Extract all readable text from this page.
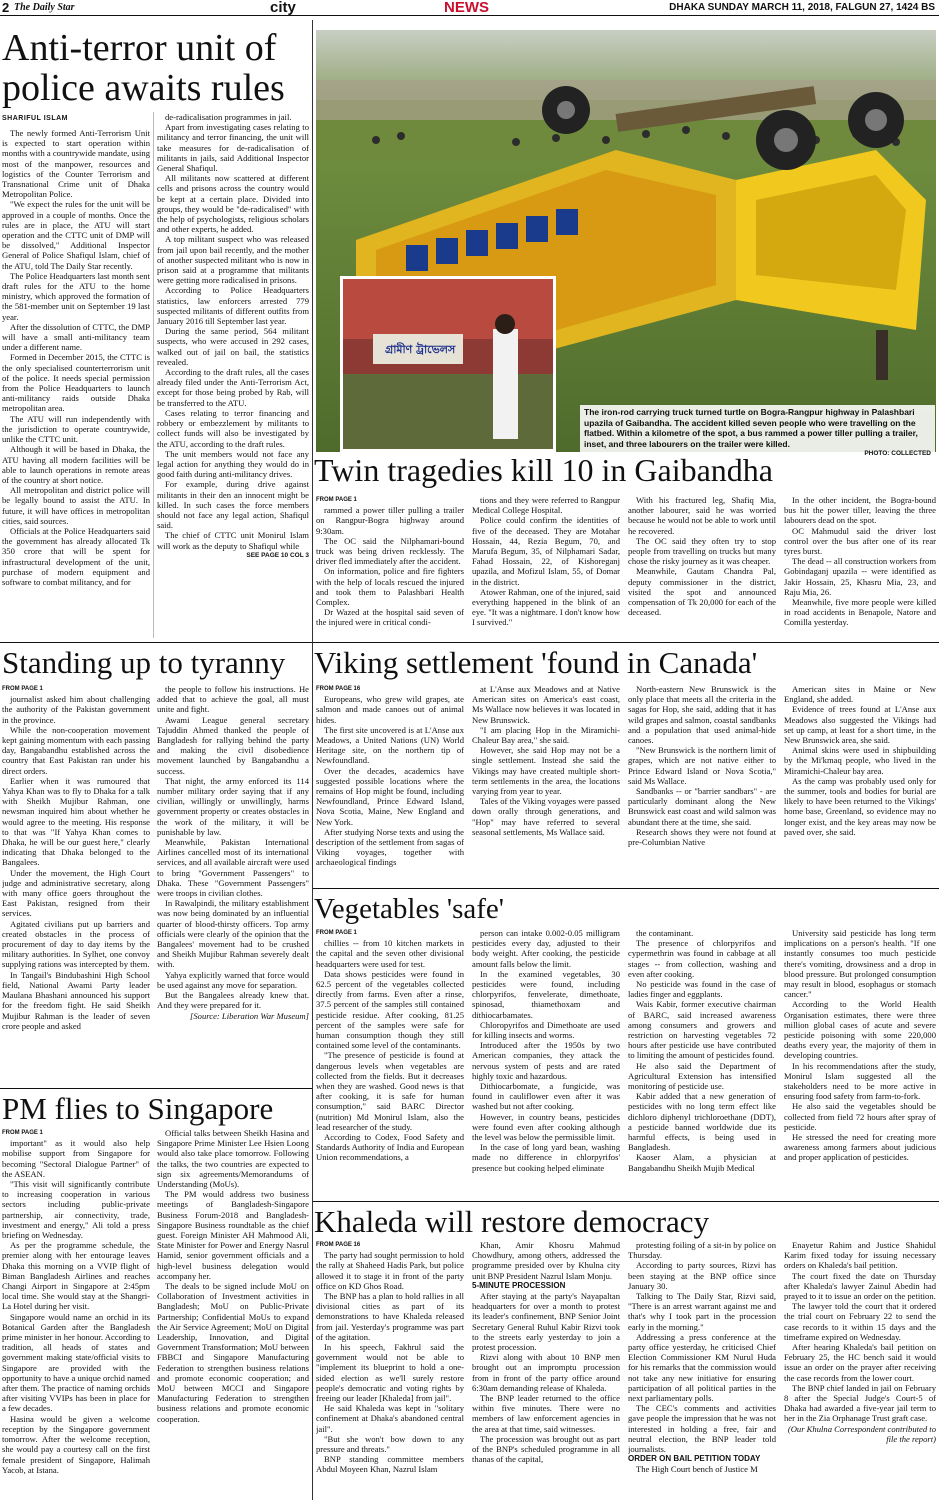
2 The Daily Star	city	NEWS	DHAKA SUNDAY MARCH 11, 2018, FALGUN 27, 1424 BS
Anti-terror unit of police awaits rules
SHARIFUL ISLAM

The newly formed Anti-Terrorism Unit is expected to start operation within months with a countrywide mandate, using most of the manpower, resources and logistics of the Counter Terrorism and Transnational Crime unit of Dhaka Metropolitan Police.

"We expect the rules for the unit will be approved in a couple of months. Once the rules are in place, the ATU will start operation and the CTTC unit of DMP will be dissolved," Additional Inspector General of Police Shafiqul Islam, chief of the ATU, told The Daily Star recently.

The Police Headquarters last month sent draft rules for the ATU to the home ministry, which approved the formation of the 581-member unit on September 19 last year.

After the dissolution of CTTC, the DMP will have a small anti-militancy team under a different name.

Formed in December 2015, the CTTC is the only specialised counterterrorism unit of the police. It needs special permission from the Police Headquarters to launch anti-militancy raids outside Dhaka metropolitan area.

The ATU will run independently with the jurisdiction to operate countrywide, unlike the CTTC unit.

Although it will be based in Dhaka, the ATU having all modern facilities will be able to launch operations in remote areas of the country at short notice.

All metropolitan and district police will be legally bound to assist the ATU. In future, it will have offices in metropolitan cities, said sources.

Officials at the Police Headquarters said the government has already allocated Tk 350 crore that will be spent for infrastructural development of the unit, purchase of modern equipment and software to combat militancy, and for

de-radicalisation programmes in jail.

Apart from investigating cases relating to militancy and terror financing, the unit will take measures for de-radicalisation of militants in jails, said Additional Inspector General Shafiqul.

All militants now scattered at different cells and prisons across the country would be kept at a certain place. Divided into groups, they would be "de-radicalised" with the help of psychologists, religious scholars and other experts, he added.

A top militant suspect who was released from jail upon bail recently, and the mother of another suspected militant who is now in prison said at a programme that militants were getting more radicalised in prisons.

According to Police Headquarters statistics, law enforcers arrested 779 suspected militants of different outfits from January 2016 till September last year.

During the same period, 564 militant suspects, who were accused in 292 cases, walked out of jail on bail, the statistics revealed.

According to the draft rules, all the cases already filed under the Anti-Terrorism Act, except for those being probed by Rab, will be transferred to the ATU.

Cases relating to terror financing and robbery or embezzlement by militants to collect funds will also be investigated by the ATU, according to the draft rules.

The unit members would not face any legal action for anything they would do in good faith during anti-militancy drives.

For example, during drive against militants in their den an innocent might be killed. In such cases the force members should not face any legal action, Shafiqul said.

The chief of CTTC unit Monirul Islam will work as the deputy to Shafiqul while

SEE PAGE 10 COL 3

গ্রামীণ ট্রাভেলস
The iron-rod carrying truck turned turtle on Bogra-Rangpur highway in Palashbari upazila of Gaibandha. The accident killed seven people who were travelling on the flatbed. Within a kilometre of the spot, a bus rammed a power tiller pulling a trailer, inset, and three labourers on the trailer were killed.
PHOTO: COLLECTED
Twin tragedies kill 10 in Gaibandha

FROM PAGE 1

rammed a power tiller pulling a trailer on Rangpur-Bogra highway around 9:30am.

The OC said the Nilphamari-bound truck was being driven recklessly. The driver fled immediately after the accident.

On information, police and fire fighters with the help of locals rescued the injured and took them to Palashbari Health Complex.

Dr Wazed at the hospital said seven of the injured were in critical condi-

tions and they were referred to Rangpur Medical College Hospital.

Police could confirm the identities of five of the deceased. They are Motahar Hossain, 44, Rezia Begum, 70, and Marufa Begum, 35, of Nilphamari Sadar, Fahad Hossain, 22, of Kishoreganj upazila, and Mofizul Islam, 55, of Domar in the district.

Atower Rahman, one of the injured, said everything happened in the blink of an eye. "It was a nightmare. I don't know how I survived."

With his fractured leg, Shafiq Mia, another labourer, said he was worried because he would not be able to work until he recovered.

The OC said they often try to stop people from travelling on trucks but many chose the risky journey as it was cheaper.

Meanwhile, Gautam Chandra Pal, deputy commissioner in the district, visited the spot and announced compensation of Tk 20,000 for each of the deceased.

In the other incident, the Bogra-bound bus hit the power tiller, leaving the three labourers dead on the spot.

OC Mahmudul said the driver lost control over the bus after one of its rear tyres burst.

The dead -- all construction workers from Gobindaganj upazila -- were identified as Jakir Hossain, 25, Khasru Mia, 23, and Raju Mia, 26.

Meanwhile, five more people were killed in road accidents in Benapole, Natore and Comilla yesterday.

Standing up to tyranny

FROM PAGE 1

journalist asked him about challenging the authority of the Pakistan government in the province.

While the non-cooperation movement kept gaining momentum with each passing day, Bangabandhu established across the country that East Pakistan ran under his direct orders.

Earlier when it was rumoured that Yahya Khan was to fly to Dhaka for a talk with Sheikh Mujibur Rahman, one newsman inquired him about whether he would agree to the meeting. His response to that was "If Yahya Khan comes to Dhaka, he will be our guest here," clearly indicating that Dhaka belonged to the Bangalees.

Under the movement, the High Court judge and administrative secretary, along with many office goers throughout the East Pakistan, resigned from their services.

Agitated civilians put up barriers and created obstacles in the process of procurement of day to day items by the military authorities. In Sylhet, one convoy supplying rations was intercepted by them.

In Tangail's Bindubashini High School field, National Awami Party leader Maulana Bhashani announced his support for the freedom fight. He said Sheikh Mujibur Rahman is the leader of seven crore people and asked

the people to follow his instructions. He added that to achieve the goal, all must unite and fight.

Awami League general secretary Tajuddin Ahmed thanked the people of Bangladesh for rallying behind the party and making the civil disobedience movement launched by Bangabandhu a success.

That night, the army enforced its 114 number military order saying that if any civilian, willingly or unwillingly, harms government property or creates obstacles in the work of the military, it will be punishable by law.

Meanwhile, Pakistan International Airlines cancelled most of its international services, and all available aircraft were used to bring "Government Passengers" to Dhaka. These "Government Passengers" were troops in civilian clothes.

In Rawalpindi, the military establishment was now being dominated by an influential quarter of blood-thirsty officers. Top army officials were clearly of the opinion that the Bangalees' movement had to be crushed and Sheikh Mujibur Rahman severely dealt with.

Yahya explicitly warned that force would be used against any move for separation.

But the Bangalees already knew that. And they were prepared for it.

[Source: Liberation War Museum]

Viking settlement 'found in Canada'

FROM PAGE 16

Europeans, who grew wild grapes, ate salmon and made canoes out of animal hides.

The first site uncovered is at L'Anse aux Meadows, a United Nations (UN) World Heritage site, on the northern tip of Newfoundland.

Over the decades, academics have suggested possible locations where the remains of Hop might be found, including Newfoundland, Prince Edward Island, Nova Scotia, Maine, New England and New York.

After studying Norse texts and using the description of the settlement from sagas of Viking voyages, together with archaeological findings

at L'Anse aux Meadows and at Native American sites on America's east coast, Ms Wallace now believes it was located in New Brunswick.

"I am placing Hop in the Miramichi-Chaleur Bay area," she said.

However, she said Hop may not be a single settlement. Instead she said the Vikings may have created multiple short-term settlements in the area, the locations varying from year to year.

Tales of the Viking voyages were passed down orally through generations, and "Hop" may have referred to several seasonal settlements, Ms Wallace said.

North-eastern New Brunswick is the only place that meets all the criteria in the sagas for Hop, she said, adding that it has wild grapes and salmon, coastal sandbanks and a population that used animal-hide canoes.

"New Brunswick is the northern limit of grapes, which are not native either to Prince Edward Island or Nova Scotia," said Ms Wallace.

Sandbanks -- or "barrier sandbars" - are particularly dominant along the New Brunswick east coast and wild salmon was abundant there at the time, she said.

Research shows they were not found at pre-Columbian Native

American sites in Maine or New England, she added.

Evidence of trees found at L'Anse aux Meadows also suggested the Vikings had set up camp, at least for a short time, in the New Brunswick area, she said.

Animal skins were used in shipbuilding by the Mi'kmaq people, who lived in the Miramichi-Chaleur bay area.

As the camp was probably used only for the summer, tools and bodies for burial are likely to have been returned to the Vikings' home base, Greenland, so evidence may no longer exist, and the key areas may now be paved over, she said.

Vegetables 'safe'

FROM PAGE 1

chillies -- from 10 kitchen markets in the capital and the seven other divisional headquarters were used for test.

Data shows pesticides were found in 62.5 percent of the vegetables collected directly from farms. Even after a rinse, 37.5 percent of the samples still contained pesticide residue. After cooking, 81.25 percent of the samples were safe for human consumption though they still contained some level of the contaminants.

"The presence of pesticide is found at dangerous levels when vegetables are collected from the fields. But it decreases when they are washed. Good news is that after cooking, it is safe for human consumption," said BARC Director (nutrition) Md Monirul Islam, also the lead researcher of the study.

According to Codex, Food Safety and Standards Authority of India and European Union recommendations, a

person can intake 0.002-0.05 milligram pesticides every day, adjusted to their body weight. After cooking, the pesticide amount falls below the limit.

In the examined vegetables, 30 pesticides were found, including chlorpyrifos, fenvelerate, dimethoate, spinosad, thiamethoxam and dithiocarbamates.

Chloropyrifos and Dimethoate are used for killing insects and worms.

Introduced after the 1950s by two American companies, they attack the nervous system of pests and are rated highly toxic and hazardous.

Dithiocarbomate, a fungicide, was found in cauliflower even after it was washed but not after cooking.

However, in country beans, pesticides were found even after cooking although the level was below the permissible limit.

In the case of long yard bean, washing made no difference in chlorpyrifos' presence but cooking helped eliminate

the contaminant.

The presence of chlorpyrifos and cypermethrin was found in cabbage at all stages -- from collection, washing and even after cooking.

No pesticide was found in the case of ladies finger and eggplants.

Wais Kabir, former executive chairman of BARC, said increased awareness among consumers and growers and restriction on harvesting vegetables 72 hours after pesticide use have contributed to limiting the amount of pesticides found.

He also said the Department of Agricultural Extension has intensified monitoring of pesticide use.

Kabir added that a new generation of pesticides with no long term effect like dichloro diphenyl trichloroethane (DDT), a pesticide banned worldwide due its harmful effects, is being used in Bangladesh.

Kaoser Alam, a physician at Bangabandhu Sheikh Mujib Medical

University said pesticide has long term implications on a person's health. "If one instantly consumes too much pesticide there's vomiting, drowsiness and a drop in blood pressure. But prolonged consumption may result in blood, esophagus or stomach cancer."

According to the World Health Organisation estimates, there were three million global cases of acute and severe pesticide poisoning with some 220,000 deaths every year, the majority of them in developing countries.

In his recommendations after the study, Monirul Islam suggested all the stakeholders need to be more active in ensuring food safety from farm-to-fork.

He also said the vegetables should be collected from field 72 hours after spray of pesticide.

He stressed the need for creating more awareness among farmers about judicious and proper application of pesticides.

PM flies to Singapore

FROM PAGE 1

important" as it would also help mobilise support from Singapore for becoming "Sectoral Dialogue Partner" of the ASEAN.

"This visit will significantly contribute to increasing cooperation in various sectors including public-private partnership, air connectivity, trade, investment and energy," Ali told a press briefing on Wednesday.

As per the programme schedule, the premier along with her entourage leaves Dhaka this morning on a VVIP flight of Biman Bangladesh Airlines and reaches Changi Airport in Singapore at 2:45pm local time. She would stay at the Shangri-La Hotel during her visit.

Singapore would name an orchid in its Botanical Garden after the Bangladesh prime minister in her honour. According to tradition, all heads of states and government making state/official visits to Singapore are provided with the opportunity to have a unique orchid named after them. The practice of naming orchids after visiting VVIPs has been in place for a few decades.

Hasina would be given a welcome reception by the Singapore government tomorrow. After the welcome reception, she would pay a courtesy call on the first female president of Singapore, Halimah Yacob, at Istana.

Official talks between Sheikh Hasina and Singapore Prime Minister Lee Hsien Loong would also take place tomorrow. Following the talks, the two countries are expected to sign six agreements/Memorandums of Understanding (MoUs).

The PM would address two business meetings of Bangladesh-Singapore Business Forum-2018 and Bangladesh-Singapore Business roundtable as the chief guest. Foreign Minister AH Mahmood Ali, State Minister for Power and Energy Nasrul Hamid, senior government officials and a high-level business delegation would accompany her.

The deals to be signed include MoU on Collaboration of Investment activities in Bangladesh; MoU on Public-Private Partnership; Confidential MoUs to expand the Air Service Agreement; MoU on Digital Leadership, Innovation, and Digital Government Transformation; MoU between FBBCI and Singapore Manufacturing Federation to strengthen business relations and promote economic cooperation; and MoU between MCCI and Singapore Manufacturing Federation to strengthen business relations and promote economic cooperation.

Khaleda will restore democracy

FROM PAGE 16

The party had sought permission to hold the rally at Shaheed Hadis Park, but police allowed it to stage it in front of the party office on KD Ghos Road.

The BNP has a plan to hold rallies in all divisional cities as part of its demonstrations to have Khaleda released from jail. Yesterday's programme was part of the agitation.

In his speech, Fakhrul said the government would not be able to "implement its blueprint to hold a one-sided election as we'll surely restore people's democratic and voting rights by freeing our leader [Khaleda] from jail".

He said Khaleda was kept in "solitary confinement at Dhaka's abandoned central jail".

"But she won't bow down to any pressure and threats."

BNP standing committee members Abdul Moyeen Khan, Nazrul Islam

Khan, Amir Khosru Mahmud Chowdhury, among others, addressed the programme presided over by Khulna city unit BNP President Nazrul Islam Monju.

5-MINUTE PROCESSION

After staying at the party's Nayapaltan headquarters for over a month to protest its leader's confinement, BNP Senior Joint Secretary General Ruhul Kabir Rizvi took to the streets early yesterday to join a protest procession.

Rizvi along with about 10 BNP men brought out an impromptu procession from in front of the party office around 6:30am demanding release of Khaleda.

The BNP leader returned to the office within five minutes. There were no members of law enforcement agencies in the area at that time, said witnesses.

The procession was brought out as part of the BNP's scheduled programme in all thanas of the capital,

protesting foiling of a sit-in by police on Thursday.

According to party sources, Rizvi has been staying at the BNP office since January 30.

Talking to The Daily Star, Rizvi said, "There is an arrest warrant against me and that's why I took part in the procession early in the morning."

Addressing a press conference at the party office yesterday, he criticised Chief Election Commissioner KM Nurul Huda for his remarks that the commission would not take any new initiative for ensuring participation of all political parties in the next parliamentary polls.

The CEC's comments and activities gave people the impression that he was not interested in holding a free, fair and neutral election, the BNP leader told journalists.

ORDER ON BAIL PETITION TODAY

The High Court bench of Justice M

Enayetur Rahim and Justice Shahidul Karim fixed today for issuing necessary orders on Khaleda's bail petition.

The court fixed the date on Thursday after Khaleda's lawyer Zainul Abedin had prayed to it to issue an order on the petition.

The lawyer told the court that it ordered the trial court on February 22 to send the case records to it within 15 days and the timeframe expired on Wednesday.

After hearing Khaleda's bail petition on February 25, the HC bench said it would issue an order on the prayer after receiving the case records from the lower court.

The BNP chief landed in jail on February 8 after the Special Judge's Court-5 of Dhaka had awarded a five-year jail term to her in the Zia Orphanage Trust graft case.

(Our Khulna Correspondent contributed to file the report)
